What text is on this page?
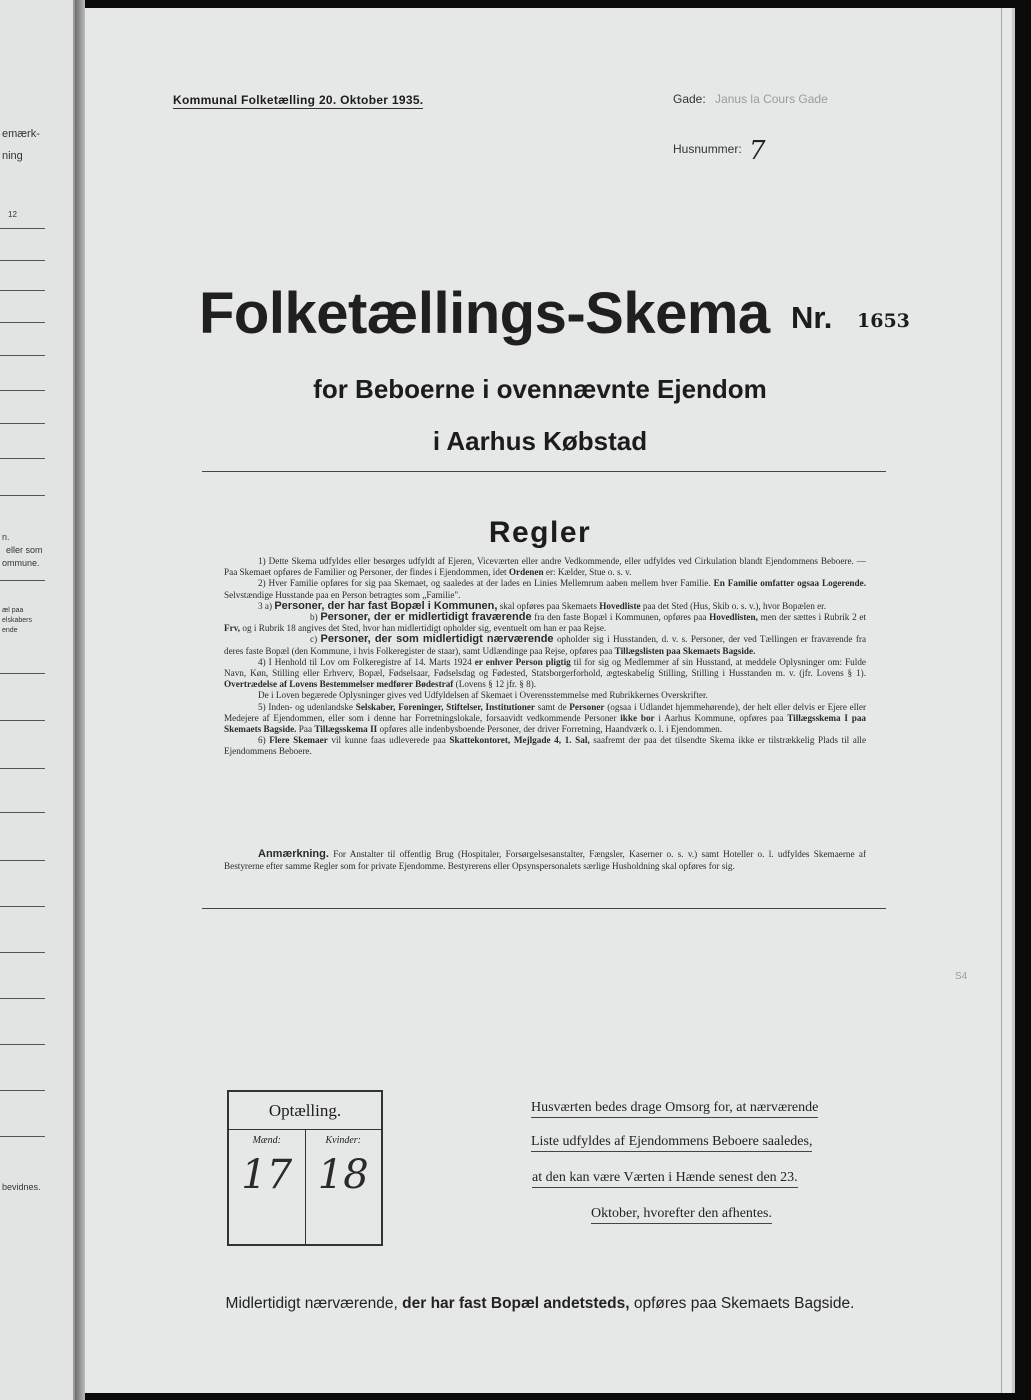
emærk-
ning
12
n.
eller som
ommune.
æl paa
elskabers
ende
bevidnes.
Kommunal Folketælling 20. Oktober 1935.	Gade: Janus la Cours Gade
Husnummer: 7
Folketællings-Skema Nr. 1653
for Beboerne i ovennævnte Ejendom
i Aarhus Købstad
Regler

1) Dette Skema udfyldes eller besørges udfyldt af Ejeren, Viceværten eller andre Vedkommende, eller udfyldes ved Cirkulation blandt Ejendommens Beboere. — Paa Skemaet opføres de Familier og Personer, der findes i Ejendommen, idet Ordenen er: Kælder, Stue o. s. v.

2) Hver Familie opføres for sig paa Skemaet, og saaledes at der lades en Linies Mellemrum aaben mellem hver Familie. En Familie omfatter ogsaa Logerende. Selvstændige Husstande paa en Person betragtes som „Familie".

3 a) Personer, der har fast Bopæl i Kommunen, skal opføres paa Skemaets Hovedliste paa det Sted (Hus, Skib o. s. v.), hvor Bopælen er.

b) Personer, der er midlertidigt fraværende fra den faste Bopæl i Kommunen, opføres paa Hovedlisten, men der sættes i Rubrik 2 et Frv, og i Rubrik 18 angives det Sted, hvor han midlertidigt opholder sig, eventuelt om han er paa Rejse.

c) Personer, der som midlertidigt nærværende opholder sig i Husstanden, d. v. s. Personer, der ved Tællingen er fraværende fra deres faste Bopæl (den Kommune, i hvis Folkeregister de staar), samt Udlændinge paa Rejse, opføres paa Tillægslisten paa Skemaets Bagside.

4) I Henhold til Lov om Folkeregistre af 14. Marts 1924 er enhver Person pligtig til for sig og Medlemmer af sin Husstand, at meddele Oplysninger om: Fulde Navn, Køn, Stilling eller Erhverv, Bopæl, Fødselsaar, Fødselsdag og Fødested, Statsborgerforhold, ægteskabelig Stilling, Stilling i Husstanden m. v. (jfr. Lovens § 1). Overtrædelse af Lovens Bestemmelser medfører Bødestraf (Lovens § 12 jfr. § 8).

De i Loven begærede Oplysninger gives ved Udfyldelsen af Skemaet i Overensstemmelse med Rubrikkernes Overskrifter.

5) Inden- og udenlandske Selskaber, Foreninger, Stiftelser, Institutioner samt de Personer (ogsaa i Udlandet hjemmehørende), der helt eller delvis er Ejere eller Medejere af Ejendommen, eller som i denne har Forretningslokale, forsaavidt vedkommende Personer ikke bor i Aarhus Kommune, opføres paa Tillægsskema I paa Skemaets Bagside. Paa Tillægsskema II opføres alle indenbysboende Personer, der driver Forretning, Haandværk o. l. i Ejendommen.

6) Flere Skemaer vil kunne faas udleverede paa Skattekontoret, Mejlgade 4, 1. Sal, saafremt der paa det tilsendte Skema ikke er tilstrækkelig Plads til alle Ejendommens Beboere.

Anmærkning. For Anstalter til offentlig Brug (Hospitaler, Forsørgelsesanstalter, Fængsler, Kaserner o. s. v.) samt Hoteller o. l. udfyldes Skemaerne af Bestyrerne efter samme Regler som for private Ejendomme. Bestyrerens eller Opsynspersonalets særlige Husholdning skal opføres for sig.

S4
Optælling.
Mænd:
17
Kvinder:
18
Husværten bedes drage Omsorg for, at nærværende
Liste udfyldes af Ejendommens Beboere saaledes,
at den kan være Værten i Hænde senest den 23.
Oktober, hvorefter den afhentes.
Midlertidigt nærværende, der har fast Bopæl andetsteds, opføres paa Skemaets Bagside.
